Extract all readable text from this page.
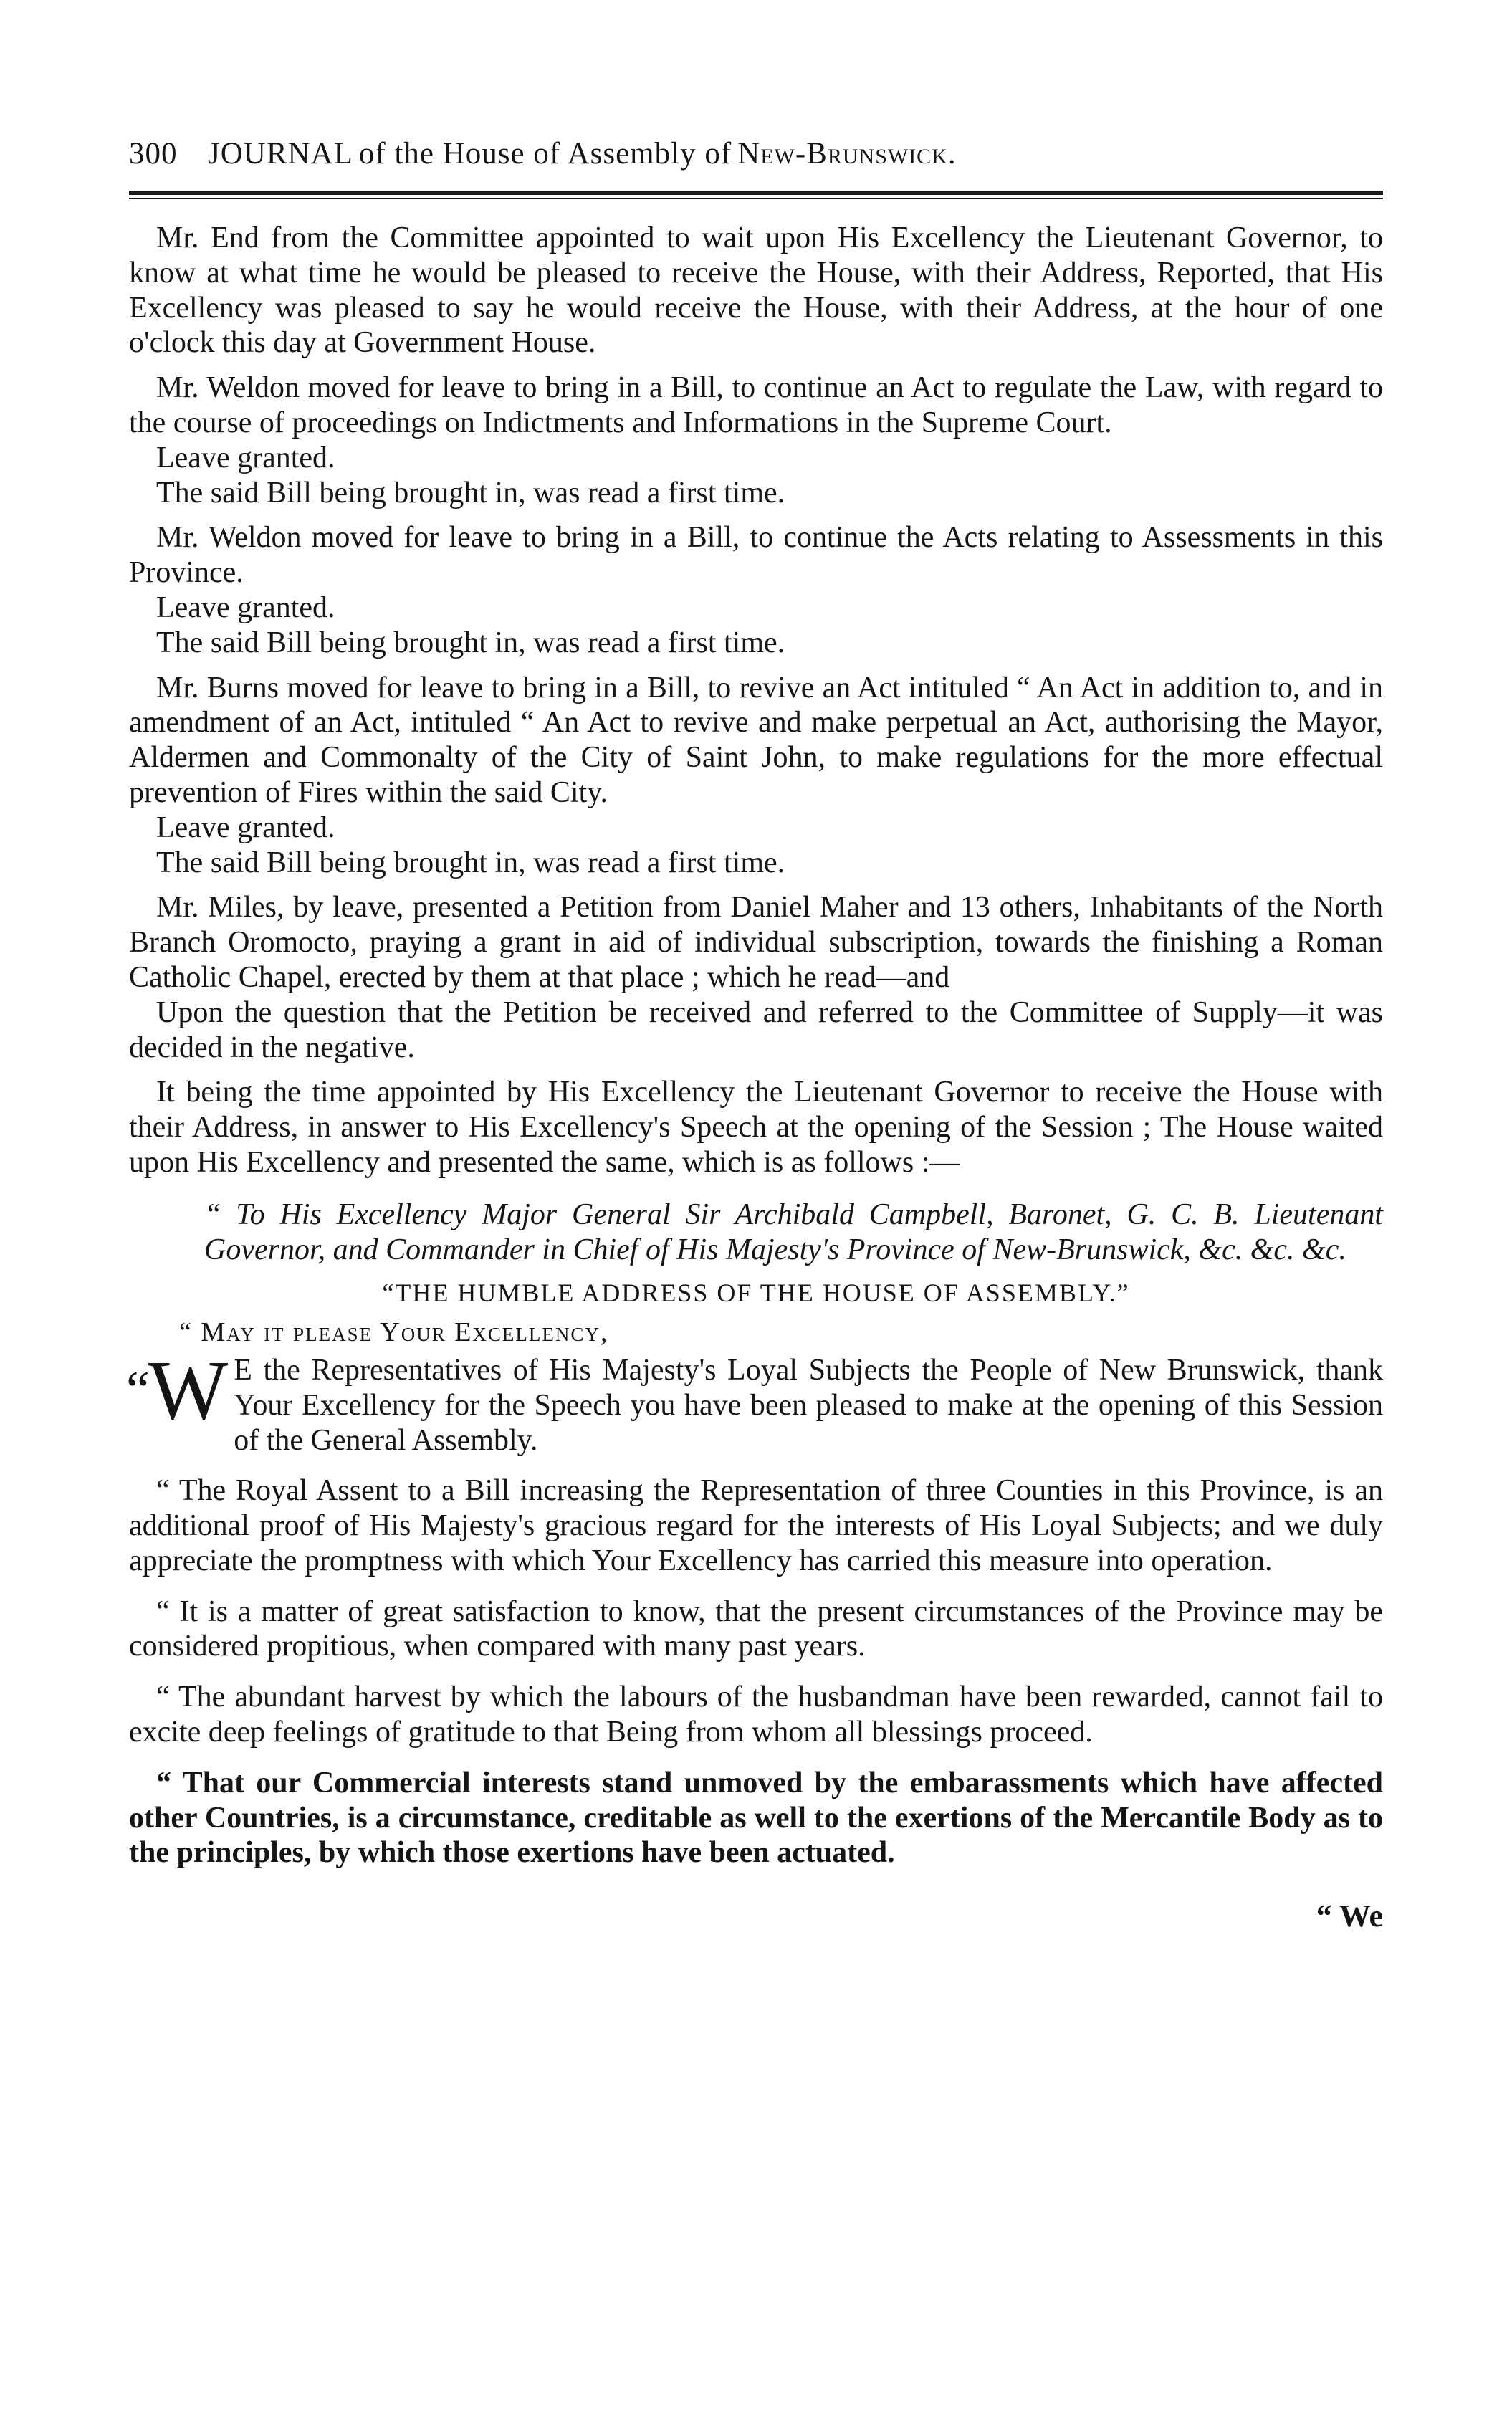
300 JOURNAL of the House of Assembly of New-Brunswick.

Mr. End from the Committee appointed to wait upon His Excellency the Lieutenant Governor, to know at what time he would be pleased to receive the House, with their Address, Reported, that His Excellency was pleased to say he would receive the House, with their Address, at the hour of one o'clock this day at Government House.

Mr. Weldon moved for leave to bring in a Bill, to continue an Act to regulate the Law, with regard to the course of proceedings on Indictments and Informations in the Supreme Court.

Leave granted.

The said Bill being brought in, was read a first time.

Mr. Weldon moved for leave to bring in a Bill, to continue the Acts relating to Assessments in this Province.

Leave granted.

The said Bill being brought in, was read a first time.

Mr. Burns moved for leave to bring in a Bill, to revive an Act intituled “ An Act in addition to, and in amendment of an Act, intituled “ An Act to revive and make perpetual an Act, authorising the Mayor, Aldermen and Commonalty of the City of Saint John, to make regulations for the more effectual prevention of Fires within the said City.

Leave granted.

The said Bill being brought in, was read a first time.

Mr. Miles, by leave, presented a Petition from Daniel Maher and 13 others, Inhabitants of the North Branch Oromocto, praying a grant in aid of individual subscription, towards the finishing a Roman Catholic Chapel, erected by them at that place ; which he read—and

Upon the question that the Petition be received and referred to the Committee of Supply—it was decided in the negative.

It being the time appointed by His Excellency the Lieutenant Governor to receive the House with their Address, in answer to His Excellency's Speech at the opening of the Session ; The House waited upon His Excellency and presented the same, which is as follows :—

“ To His Excellency Major General Sir Archibald Campbell, Baronet, G. C. B. Lieutenant Governor, and Commander in Chief of His Majesty's Province of New-Brunswick, &c. &c. &c.

“THE HUMBLE ADDRESS OF THE HOUSE OF ASSEMBLY.”
“ May it please Your Excellency,

“W E the Representatives of His Majesty's Loyal Subjects the People of New Brunswick, thank Your Excellency for the Speech you have been pleased to make at the opening of this Session of the General Assembly.

“ The Royal Assent to a Bill increasing the Representation of three Counties in this Province, is an additional proof of His Majesty's gracious regard for the interests of His Loyal Subjects; and we duly appreciate the promptness with which Your Excellency has carried this measure into operation.

“ It is a matter of great satisfaction to know, that the present circumstances of the Province may be considered propitious, when compared with many past years.

“ The abundant harvest by which the labours of the husbandman have been rewarded, cannot fail to excite deep feelings of gratitude to that Being from whom all blessings proceed.

“ That our Commercial interests stand unmoved by the embarassments which have affected other Countries, is a circumstance, creditable as well to the exertions of the Mercantile Body as to the principles, by which those exertions have been actuated.

“ We
